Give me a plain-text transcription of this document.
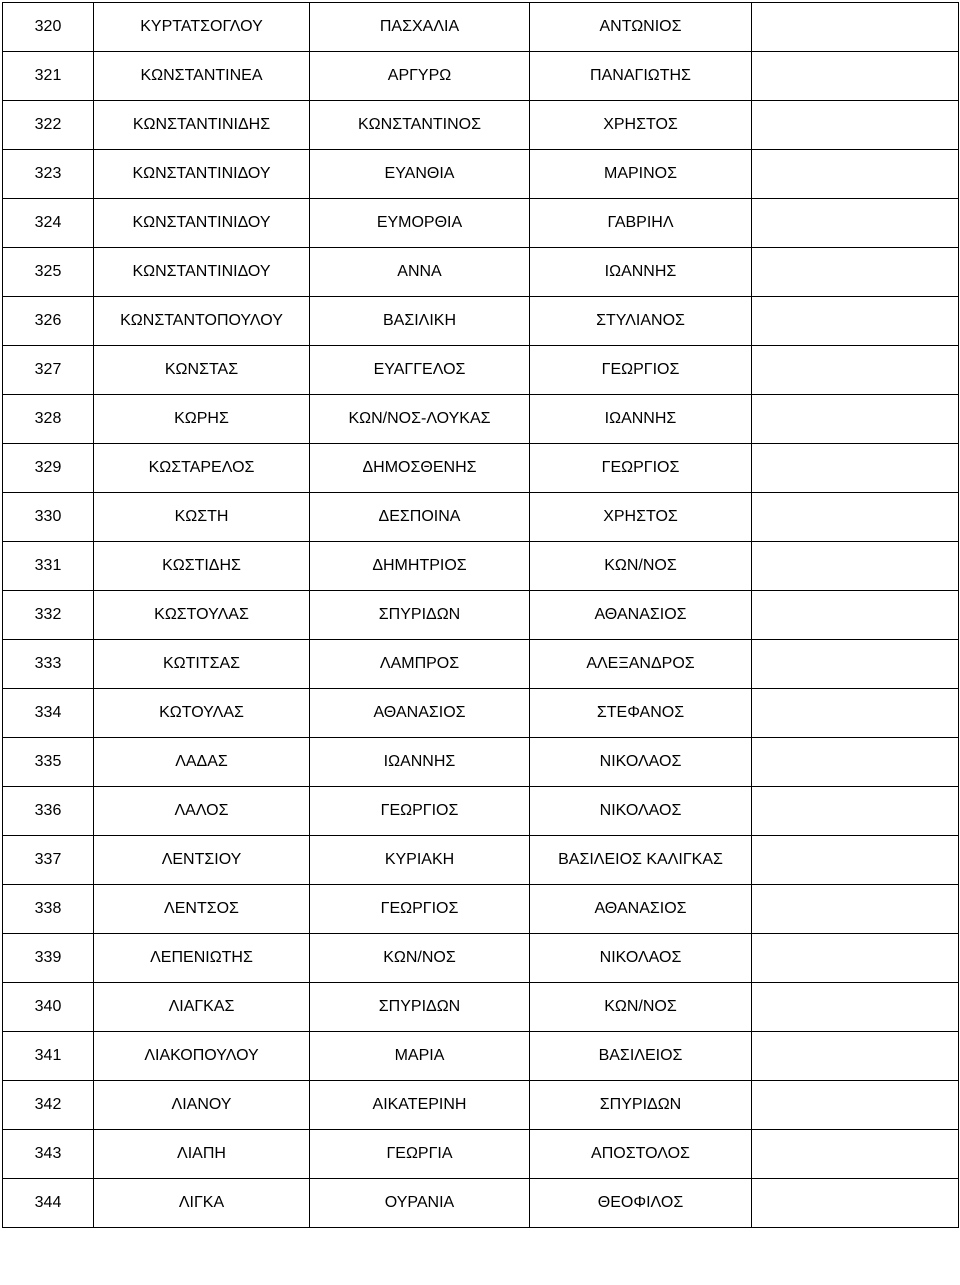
320	ΚΥΡΤΑΤΣΟΓΛΟΥ	ΠΑΣΧΑΛΙΑ	ΑΝΤΩΝΙΟΣ	
321	ΚΩΝΣΤΑΝΤΙΝΕΑ	ΑΡΓΥΡΩ	ΠΑΝΑΓΙΩΤΗΣ	
322	ΚΩΝΣΤΑΝΤΙΝΙΔΗΣ	ΚΩΝΣΤΑΝΤΙΝΟΣ	ΧΡΗΣΤΟΣ	
323	ΚΩΝΣΤΑΝΤΙΝΙΔΟΥ	ΕΥΑΝΘΙΑ	ΜΑΡΙΝΟΣ	
324	ΚΩΝΣΤΑΝΤΙΝΙΔΟΥ	ΕΥΜΟΡΘΙΑ	ΓΑΒΡΙΗΛ	
325	ΚΩΝΣΤΑΝΤΙΝΙΔΟΥ	ΑΝΝΑ	ΙΩΑΝΝΗΣ	
326	ΚΩΝΣΤΑΝΤΟΠΟΥΛΟΥ	ΒΑΣΙΛΙΚΗ	ΣΤΥΛΙΑΝΟΣ	
327	ΚΩΝΣΤΑΣ	ΕΥΑΓΓΕΛΟΣ	ΓΕΩΡΓΙΟΣ	
328	ΚΩΡΗΣ	ΚΩΝ/ΝΟΣ-ΛΟΥΚΑΣ	ΙΩΑΝΝΗΣ	
329	ΚΩΣΤΑΡΕΛΟΣ	ΔΗΜΟΣΘΕΝΗΣ	ΓΕΩΡΓΙΟΣ	
330	ΚΩΣΤΗ	ΔΕΣΠΟΙΝΑ	ΧΡΗΣΤΟΣ	
331	ΚΩΣΤΙΔΗΣ	ΔΗΜΗΤΡΙΟΣ	ΚΩΝ/ΝΟΣ	
332	ΚΩΣΤΟΥΛΑΣ	ΣΠΥΡΙΔΩΝ	ΑΘΑΝΑΣΙΟΣ	
333	ΚΩΤΙΤΣΑΣ	ΛΑΜΠΡΟΣ	ΑΛΕΞΑΝΔΡΟΣ	
334	ΚΩΤΟΥΛΑΣ	ΑΘΑΝΑΣΙΟΣ	ΣΤΕΦΑΝΟΣ	
335	ΛΑΔΑΣ	ΙΩΑΝΝΗΣ	ΝΙΚΟΛΑΟΣ	
336	ΛΑΛΟΣ	ΓΕΩΡΓΙΟΣ	ΝΙΚΟΛΑΟΣ	
337	ΛΕΝΤΣΙΟΥ	ΚΥΡΙΑΚΗ	ΒΑΣΙΛΕΙΟΣ ΚΑΛΙΓΚΑΣ	
338	ΛΕΝΤΣΟΣ	ΓΕΩΡΓΙΟΣ	ΑΘΑΝΑΣΙΟΣ	
339	ΛΕΠΕΝΙΩΤΗΣ	ΚΩΝ/ΝΟΣ	ΝΙΚΟΛΑΟΣ	
340	ΛΙΑΓΚΑΣ	ΣΠΥΡΙΔΩΝ	ΚΩΝ/ΝΟΣ	
341	ΛΙΑΚΟΠΟΥΛΟΥ	ΜΑΡΙΑ	ΒΑΣΙΛΕΙΟΣ	
342	ΛΙΑΝΟΥ	ΑΙΚΑΤΕΡΙΝΗ	ΣΠΥΡΙΔΩΝ	
343	ΛΙΑΠΗ	ΓΕΩΡΓΙΑ	ΑΠΟΣΤΟΛΟΣ	
344	ΛΙΓΚΑ	ΟΥΡΑΝΙΑ	ΘΕΟΦΙΛΟΣ	
